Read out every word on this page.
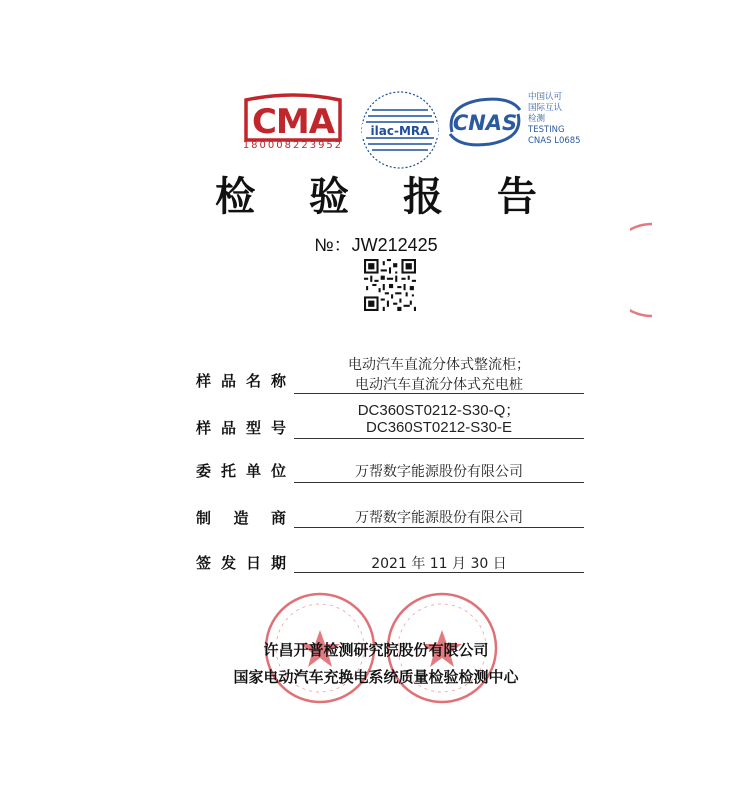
CMA
180008223952
ilac-MRA CNAS
中国认可
国际互认
检测
TESTING
CNAS L0685
检 验 报 告
№：JW212425
样品名称
电动汽车直流分体式整流柜；
电动汽车直流分体式充电桩
样品型号
DC360ST0212-S30-Q；
DC360ST0212-S30-E
委托单位	万帮数字能源股份有限公司
制 造 商	万帮数字能源股份有限公司
签发日期	2021 年 11 月 30 日
许昌开普检测研究院股份有限公司
国家电动汽车充换电系统质量检验检测中心
